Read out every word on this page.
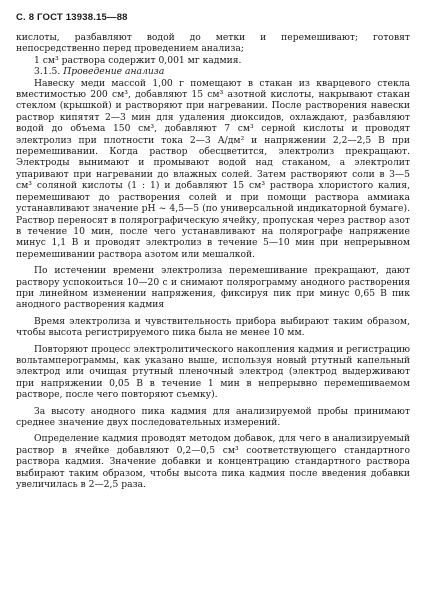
С. 8 ГОСТ 13938.15—88

кислоты, разбавляют водой до метки и перемешивают; готовят непосредственно перед проведением анализа;

1 см³ раствора содержит 0,001 мг кадмия.

3.1.5. Проведение анализа

Навеску меди массой 1,00 г помещают в стакан из кварцевого стекла вместимостью 200 см³, добавляют 15 см³ азотной кислоты, накрывают стакан стеклом (крышкой) и растворяют при нагревании. После растворения навески раствор кипятят 2—3 мин для удаления диоксидов, охлаждают, разбавляют водой до объема 150 см³, добавляют 7 см³ серной кислоты и проводят электролиз при плотности тока 2—3 А/дм² и напряжении 2,2—2,5 В при перемешивании. Когда раствор обесцветится, электролиз прекращают. Электроды вынимают и промывают водой над стаканом, а электролит упаривают при нагревании до влажных солей. Затем растворяют соли в 3—5 см³ соляной кислоты (1 : 1) и добавляют 15 см³ раствора хлористого калия, перемешивают до растворения солей и при помощи раствора аммиака устанавливают значение pH ~ 4,5—5 (по универсальной индикаторной бумаге). Раствор переносят в полярографическую ячейку, пропуская через раствор азот в течение 10 мин, после чего устанавливают на полярографе напряжение минус 1,1 В и проводят электролиз в течение 5—10 мин при непрерывном перемешивании раствора азотом или мешалкой.

По истечении времени электролиза перемешивание прекращают, дают раствору успокоиться 10—20 с и снимают полярограмму анодного растворения при линейном изменении напряжения, фиксируя пик при минус 0,65 В пик анодного растворения кадмия

Время электролиза и чувствительность прибора выбирают таким образом, чтобы высота регистрируемого пика была не менее 10 мм.

Повторяют процесс электролитического накопления кадмия и регистрацию вольтамперограммы, как указано выше, используя новый ртутный капельный электрод или очищая ртутный пленочный электрод (электрод выдерживают при напряжении 0,05 В в течение 1 мин в непрерывно перемешиваемом растворе, после чего повторяют съемку).

За высоту анодного пика кадмия для анализируемой пробы принимают среднее значение двух последовательных измерений.

Определение кадмия проводят методом добавок, для чего в анализируемый раствор в ячейке добавляют 0,2—0,5 см³ соответствующего стандартного раствора кадмия. Значение добавки и концентрацию стандартного раствора выбирают таким образом, чтобы высота пика кадмия после введения добавки увеличилась в 2—2,5 раза.
